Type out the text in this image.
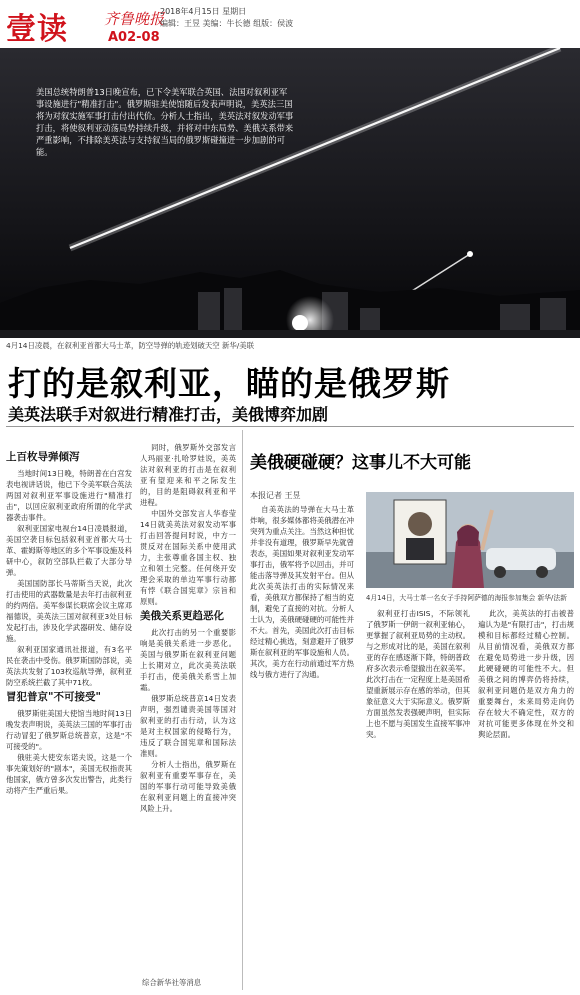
壹读 齐鲁晚报
2018年4月15日 星期日
编辑：王昱 美编：牛长德 组版：侯波
A02-08
美国总统特朗普13日晚宣布，已下令美军联合英国、法国对叙利亚军事设施进行"精准打击"。俄罗斯驻美使馆随后发表声明说，美英法三国将为对叙实施军事打击付出代价。分析人士指出，美英法对叙发动军事打击，将使叙利亚动荡局势持续升级，并将对中东局势、美俄关系带来严重影响，不排除美英法与支持叙当局的俄罗斯碰撞进一步加剧的可能。
4月14日凌晨，在叙利亚首都大马士革，防空导弹的轨迹划破天空 新华/美联
打的是叙利亚，瞄的是俄罗斯
美英法联手对叙进行精准打击，美俄博弈加剧
上百枚导弹倾泻

当地时间13日晚，特朗普在白宫发表电视讲话说，他已下令美军联合英法两国对叙利亚军事设施进行"精准打击"，以回应叙利亚政府所谓的化学武器袭击事件。

叙利亚国家电视台14日凌晨报道，美国空袭目标包括叙利亚首都大马士革、霍姆斯等地区的多个军事设施及科研中心，叙防空部队拦截了大部分导弹。

美国国防部长马蒂斯当天说，此次打击使用的武器数量是去年打击叙利亚的约两倍。美军参谋长联席会议主席邓福德说，美英法三国对叙利亚3处目标发起打击，涉及化学武器研发、储存设施。

叙利亚国家通讯社报道，有3名平民在袭击中受伤。俄罗斯国防部说，美英法共发射了103枚巡航导弹，叙利亚防空系统拦截了其中71枚。

冒犯普京"不可接受"

俄罗斯驻美国大使馆当地时间13日晚发表声明说，美英法三国的军事打击行动冒犯了俄罗斯总统普京，这是"不可接受的"。

俄驻美大使安东诺夫说，这是一个事先策划好的"剧本"，美国无权指责其他国家，俄方曾多次发出警告，此类行动将产生严重后果。

同时，俄罗斯外交部发言人玛丽亚·扎哈罗娃说，美英法对叙利亚的打击是在叙利亚有望迎来和平之际发生的，目的是阻碍叙利亚和平进程。

中国外交部发言人华春莹14日就美英法对叙发动军事打击回答提问时说，中方一贯反对在国际关系中使用武力，主张尊重各国主权、独立和领土完整。任何绕开安理会采取的单边军事行动都有悖《联合国宪章》宗旨和原则。

美俄关系更趋恶化

此次打击的另一个重要影响是美俄关系进一步恶化。美国与俄罗斯在叙利亚问题上长期对立，此次美英法联手打击，使美俄关系雪上加霜。

俄罗斯总统普京14日发表声明，强烈谴责美国等国对叙利亚的打击行动，认为这是对主权国家的侵略行为，违反了联合国宪章和国际法准则。

分析人士指出，俄罗斯在叙利亚有重要军事存在，美国的军事行动可能导致美俄在叙利亚问题上的直接冲突风险上升。

综合新华社等消息
美俄硬碰硬？这事儿不大可能
本报记者 王昱

自美英法的导弹在大马士革炸响，很多媒体都将美俄潜在冲突列为重点关注。当然这种担忧并非没有道理，俄罗斯早先就曾表态，美国如果对叙利亚发动军事打击，俄军将予以回击，并可能击落导弹及其发射平台。但从此次美英法打击的实际情况来看，美俄双方都保持了相当的克制，避免了直接的对抗。分析人士认为，美俄硬碰硬的可能性并不大。首先，美国此次打击目标经过精心挑选，刻意避开了俄罗斯在叙利亚的军事设施和人员。其次，美方在行动前通过军方热线与俄方进行了沟通。

4月14日，大马士革一名女子手持阿萨德的海报参加集会 新华/法新

叙利亚打击ISIS，不际领礼了俄罗斯一伊朗一叙利亚轴心，更掌握了叙利亚局势的主动权。与之形成对比的是，美国在叙利亚的存在感逐渐下降，特朗普政府多次表示希望撤出在叙美军。此次打击在一定程度上是美国希望重新展示存在感的举动，但其象征意义大于实际意义。俄罗斯方面虽然发表强硬声明，但实际上也不愿与美国发生直接军事冲突。

此次，美英法的打击被普遍认为是"有限打击"，打击规模和目标都经过精心控制。从目前情况看，美俄双方都在避免局势进一步升级，因此硬碰硬的可能性不大。但美俄之间的博弈仍将持续，叙利亚问题仍是双方角力的重要舞台，未来局势走向仍存在较大不确定性，双方的对抗可能更多体现在外交和舆论层面。
